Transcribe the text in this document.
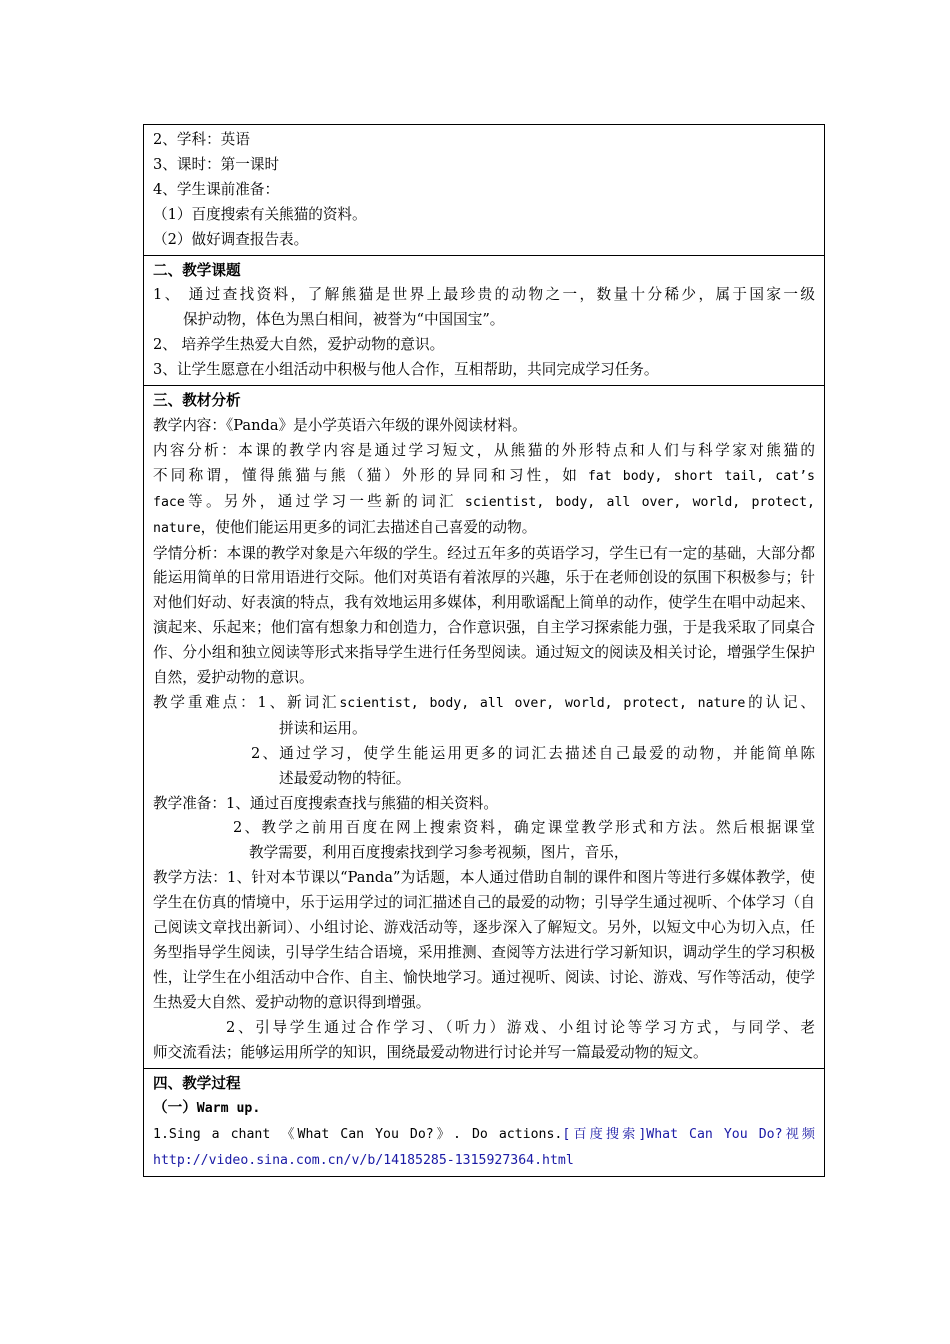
2、学科：英语
3、课时：第一课时
4、学生课前准备：
（1）百度搜索有关熊猫的资料。
（2）做好调查报告表。

二、教学课题
1、 通过查找资料，了解熊猫是世界上最珍贵的动物之一，数量十分稀少，属于国家一级
保护动物，体色为黑白相间，被誉为“中国国宝”。
2、 培养学生热爱大自然，爱护动物的意识。
3、让学生愿意在小组活动中积极与他人合作，互相帮助，共同完成学习任务。

三、教材分析
教学内容：《Panda》是小学英语六年级的课外阅读材料。
内容分析：本课的教学内容是通过学习短文，从熊猫的外形特点和人们与科学家对熊猫的
不同称谓，懂得熊猫与熊（猫）外形的异同和习性，如 fat body, short tail, cat’s
face等。另外，通过学习一些新的词汇 scientist, body, all over, world, protect,
nature，使他们能运用更多的词汇去描述自己喜爱的动物。
学情分析：本课的教学对象是六年级的学生。经过五年多的英语学习，学生已有一定的基础，大部分都能运用简单的日常用语进行交际。他们对英语有着浓厚的兴趣，乐于在老师创设的氛围下积极参与；针对他们好动、好表演的特点，我有效地运用多媒体，利用歌谣配上简单的动作，使学生在唱中动起来、演起来、乐起来；他们富有想象力和创造力，合作意识强，自主学习探索能力强，于是我采取了同桌合作、分小组和独立阅读等形式来指导学生进行任务型阅读。通过短文的阅读及相关讨论，增强学生保护自然，爱护动物的意识。
教学重难点：1、新词汇scientist, body, all over, world, protect, nature的认记、
拼读和运用。
2、通过学习，使学生能运用更多的词汇去描述自己最爱的动物，并能简单陈
述最爱动物的特征。
教学准备：1、通过百度搜索查找与熊猫的相关资料。
2、教学之前用百度在网上搜索资料，确定课堂教学形式和方法。然后根据课堂
教学需要，利用百度搜索找到学习参考视频，图片，音乐，
教学方法：1、针对本节课以“Panda”为话题，本人通过借助自制的课件和图片等进行多媒体教学，使学生在仿真的情境中，乐于运用学过的词汇描述自己的最爱的动物；引导学生通过视听、个体学习（自己阅读文章找出新词）、小组讨论、游戏活动等，逐步深入了解短文。另外，以短文中心为切入点，任务型指导学生阅读，引导学生结合语境，采用推测、查阅等方法进行学习新知识，调动学生的学习积极性，让学生在小组活动中合作、自主、愉快地学习。通过视听、阅读、讨论、游戏、写作等活动，使学生热爱大自然、爱护动物的意识得到增强。
2、引导学生通过合作学习、（听力）游戏、小组讨论等学习方式，与同学、老
师交流看法；能够运用所学的知识，围绕最爱动物进行讨论并写一篇最爱动物的短文。

四、教学过程
（一）Warm up.
1.Sing a chant 《What Can You Do?》. Do actions.[百度搜索]What Can You Do?视频
http://video.sina.com.cn/v/b/14185285-1315927364.html
